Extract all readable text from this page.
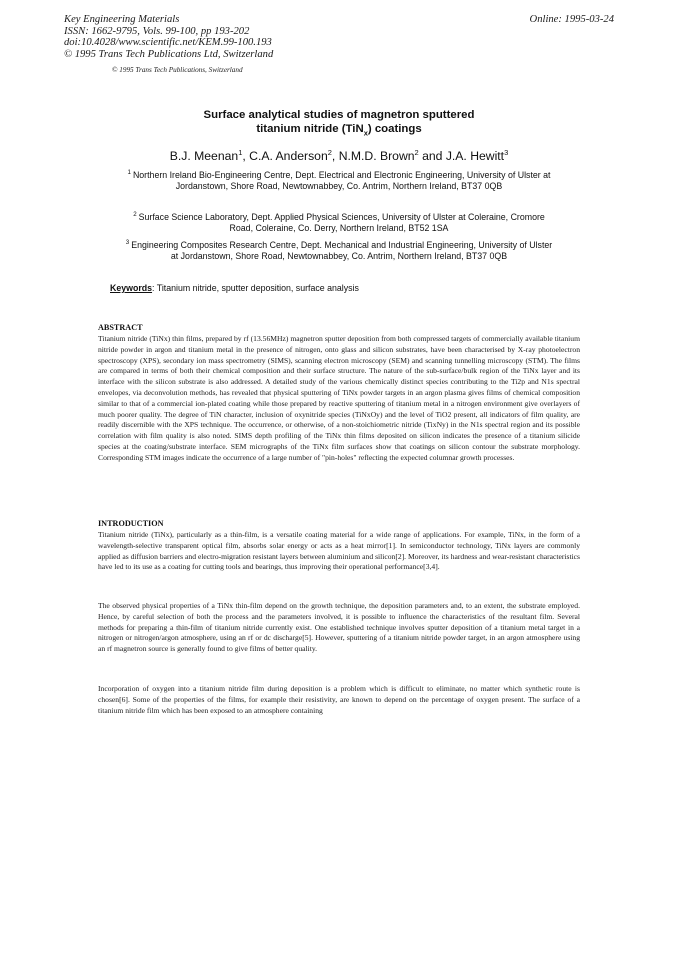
Key Engineering Materials
ISSN: 1662-9795, Vols. 99-100, pp 193-202
doi:10.4028/www.scientific.net/KEM.99-100.193
© 1995 Trans Tech Publications Ltd, Switzerland
Online: 1995-03-24
© 1995 Trans Tech Publications, Switzerland
Surface analytical studies of magnetron sputtered
titanium nitride (TiN$_x$) coatings
B.J. Meenan$^1$, C.A. Anderson$^2$, N.M.D. Brown$^2$ and J.A. Hewitt$^3$
$^1$ Northern Ireland Bio-Engineering Centre, Dept. Electrical and Electronic Engineering, University of Ulster at Jordanstown, Shore Road, Newtownabbey, Co. Antrim, Northern Ireland, BT37 0QB
$^2$ Surface Science Laboratory, Dept. Applied Physical Sciences, University of Ulster at Coleraine, Cromore Road, Coleraine, Co. Derry, Northern Ireland, BT52 1SA
$^3$ Engineering Composites Research Centre, Dept. Mechanical and Industrial Engineering, University of Ulster at Jordanstown, Shore Road, Newtownabbey, Co. Antrim, Northern Ireland, BT37 0QB
Keywords: Titanium nitride, sputter deposition, surface analysis
ABSTRACT
Titanium nitride (TiNx) thin films, prepared by rf (13.56MHz) magnetron sputter deposition from both compressed targets of commercially available titanium nitride powder in argon and titanium metal in the presence of nitrogen, onto glass and silicon substrates, have been characterised by X-ray photoelectron spectroscopy (XPS), secondary ion mass spectrometry (SIMS), scanning electron microscopy (SEM) and scanning tunnelling microscopy (STM). The films are compared in terms of both their chemical composition and their surface structure. The nature of the sub-surface/bulk region of the TiNx layer and its interface with the silicon substrate is also addressed. A detailed study of the various chemically distinct species contributing to the Ti2p and N1s spectral envelopes, via deconvolution methods, has revealed that physical sputtering of TiNx powder targets in an argon plasma gives films of chemical composition similar to that of a commercial ion-plated coating while those prepared by reactive sputtering of titanium metal in a nitrogen environment give overlayers of much poorer quality. The degree of TiN character, inclusion of oxynitride species (TiNxOy) and the level of TiO2 present, all indicators of film quality, are readily discernible with the XPS technique. The occurrence, or otherwise, of a non-stoichiometric nitride (TixNy) in the N1s spectral region and its possible correlation with film quality is also noted. SIMS depth profiling of the TiNx thin films deposited on silicon indicates the presence of a titanium silicide species at the coating/substrate interface. SEM micrographs of the TiNx film surfaces show that coatings on silicon contour the substrate morphology. Corresponding STM images indicate the occurrence of a large number of "pin-holes" reflecting the expected columnar growth processes.
INTRODUCTION
Titanium nitride (TiNx), particularly as a thin-film, is a versatile coating material for a wide range of applications. For example, TiNx, in the form of a wavelength-selective transparent optical film, absorbs solar energy or acts as a heat mirror[1]. In semiconductor technology, TiNx layers are commonly applied as diffusion barriers and electro-migration resistant layers between aluminium and silicon[2]. Moreover, its hardness and wear-resistant characteristics have led to its use as a coating for cutting tools and bearings, thus improving their operational performance[3,4].
The observed physical properties of a TiNx thin-film depend on the growth technique, the deposition parameters and, to an extent, the substrate employed. Hence, by careful selection of both the process and the parameters involved, it is possible to influence the characteristics of the resultant film. Several methods for preparing a thin-film of titanium nitride currently exist. One established technique involves sputter deposition of a titanium metal target in a nitrogen or nitrogen/argon atmosphere, using an rf or dc discharge[5]. However, sputtering of a titanium nitride powder target, in an argon atmosphere using an rf magnetron source is generally found to give films of better quality.
Incorporation of oxygen into a titanium nitride film during deposition is a problem which is difficult to eliminate, no matter which synthetic route is chosen[6]. Some of the properties of the films, for example their resistivity, are known to depend on the percentage of oxygen present. The surface of a titanium nitride film which has been exposed to an atmosphere containing
